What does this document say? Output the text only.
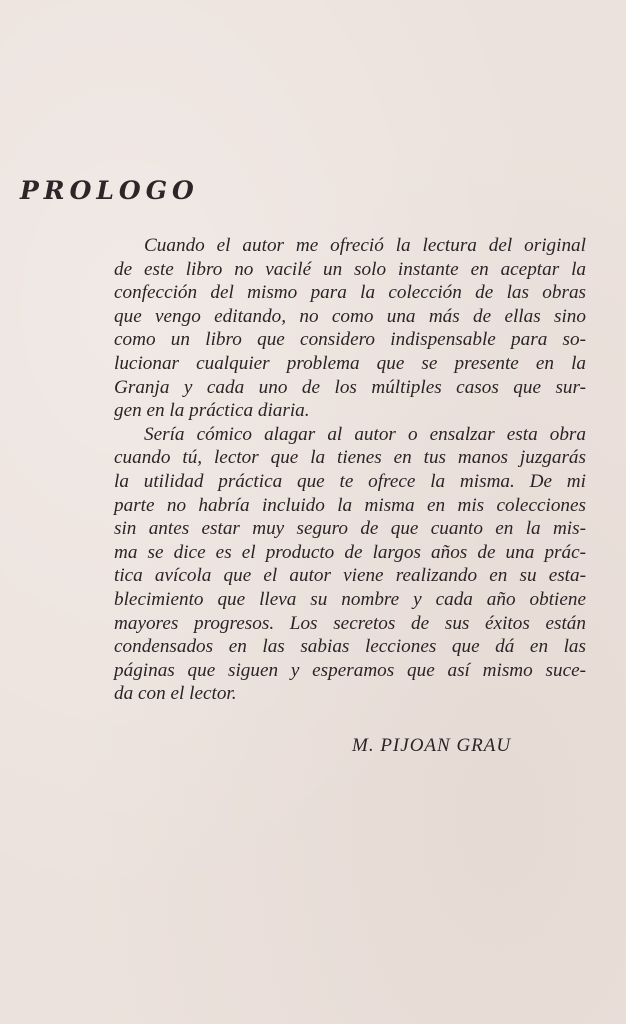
PROLOGO
Cuando el autor me ofreció la lectura del original
de este libro no vacilé un solo instante en aceptar la
confección del mismo para la colección de las obras
que vengo editando, no como una más de ellas sino
como un libro que considero indispensable para so-
lucionar cualquier problema que se presente en la
Granja y cada uno de los múltiples casos que sur-
gen en la práctica diaria.
Sería cómico alagar al autor o ensalzar esta obra
cuando tú, lector que la tienes en tus manos juzgarás
la utilidad práctica que te ofrece la misma. De mi
parte no habría incluido la misma en mis colecciones
sin antes estar muy seguro de que cuanto en la mis-
ma se dice es el producto de largos años de una prác-
tica avícola que el autor viene realizando en su esta-
blecimiento que lleva su nombre y cada año obtiene
mayores progresos. Los secretos de sus éxitos están
condensados en las sabias lecciones que dá en las
páginas que siguen y esperamos que así mismo suce-
da con el lector.
M. PIJOAN GRAU
